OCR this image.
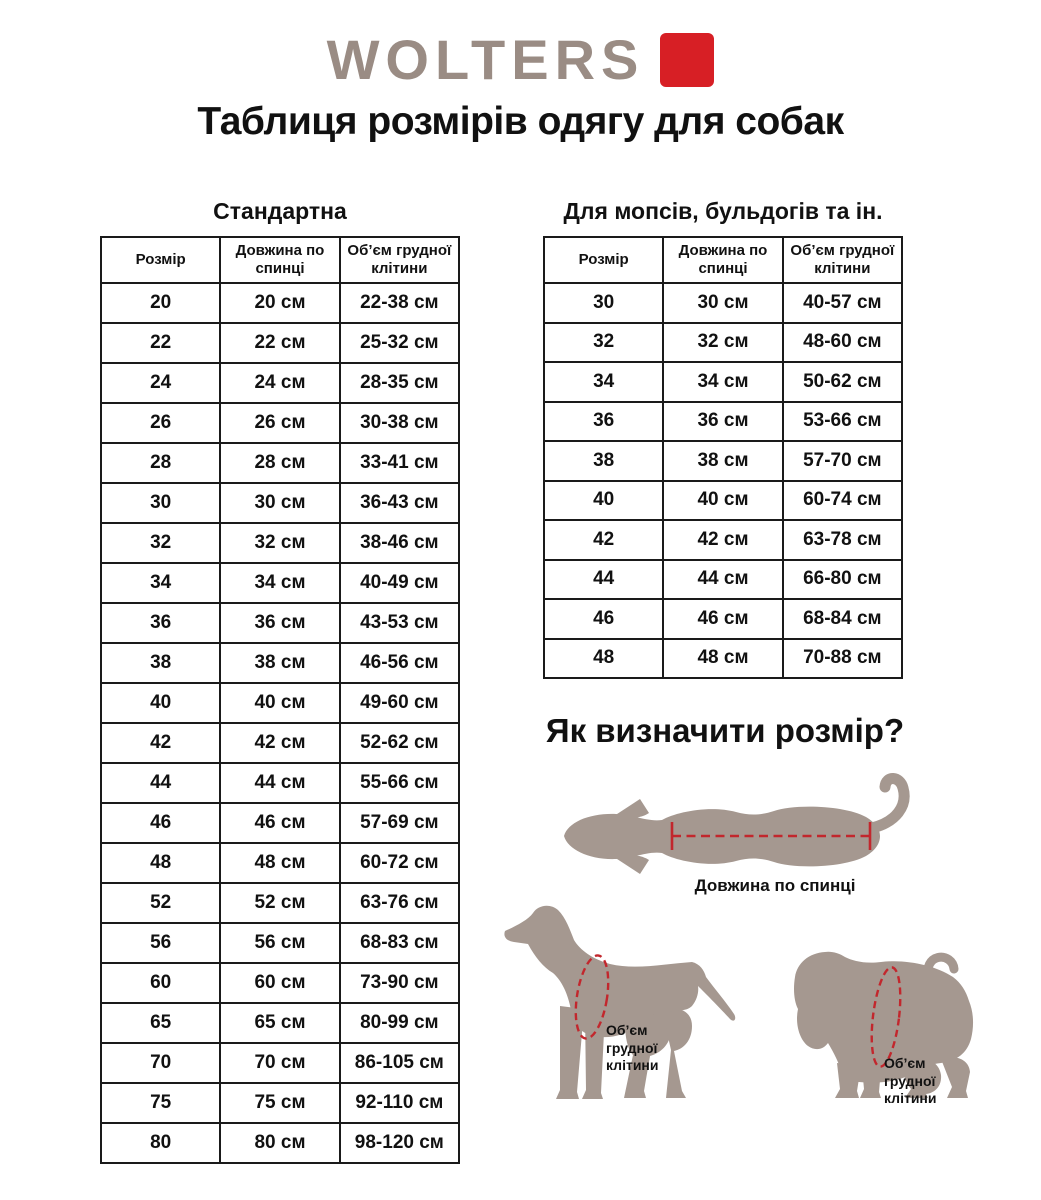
WOLTERS
Таблиця розмірів одягу для собак
Стандартна
Розмір	Довжина по спинці	Об’єм грудної клітини
20	20 см	22-38 см
22	22 см	25-32 см
24	24 см	28-35 см
26	26 см	30-38 см
28	28 см	33-41 см
30	30 см	36-43 см
32	32 см	38-46 см
34	34 см	40-49 см
36	36 см	43-53 см
38	38 см	46-56 см
40	40 см	49-60 см
42	42 см	52-62 см
44	44 см	55-66 см
46	46 см	57-69 см
48	48 см	60-72 см
52	52 см	63-76 см
56	56 см	68-83 см
60	60 см	73-90 см
65	65 см	80-99 см
70	70 см	86-105 см
75	75 см	92-110 см
80	80 см	98-120 см
Для мопсів, бульдогів та ін.
Розмір	Довжина по спинці	Об’єм грудної клітини
30	30 см	40-57 см
32	32 см	48-60 см
34	34 см	50-62 см
36	36 см	53-66 см
38	38 см	57-70 см
40	40 см	60-74 см
42	42 см	63-78 см
44	44 см	66-80 см
46	46 см	68-84 см
48	48 см	70-88 см
Як визначити розмір?
Довжина по спинці
Об’єм грудної клітини	Об’єм грудної клітини
